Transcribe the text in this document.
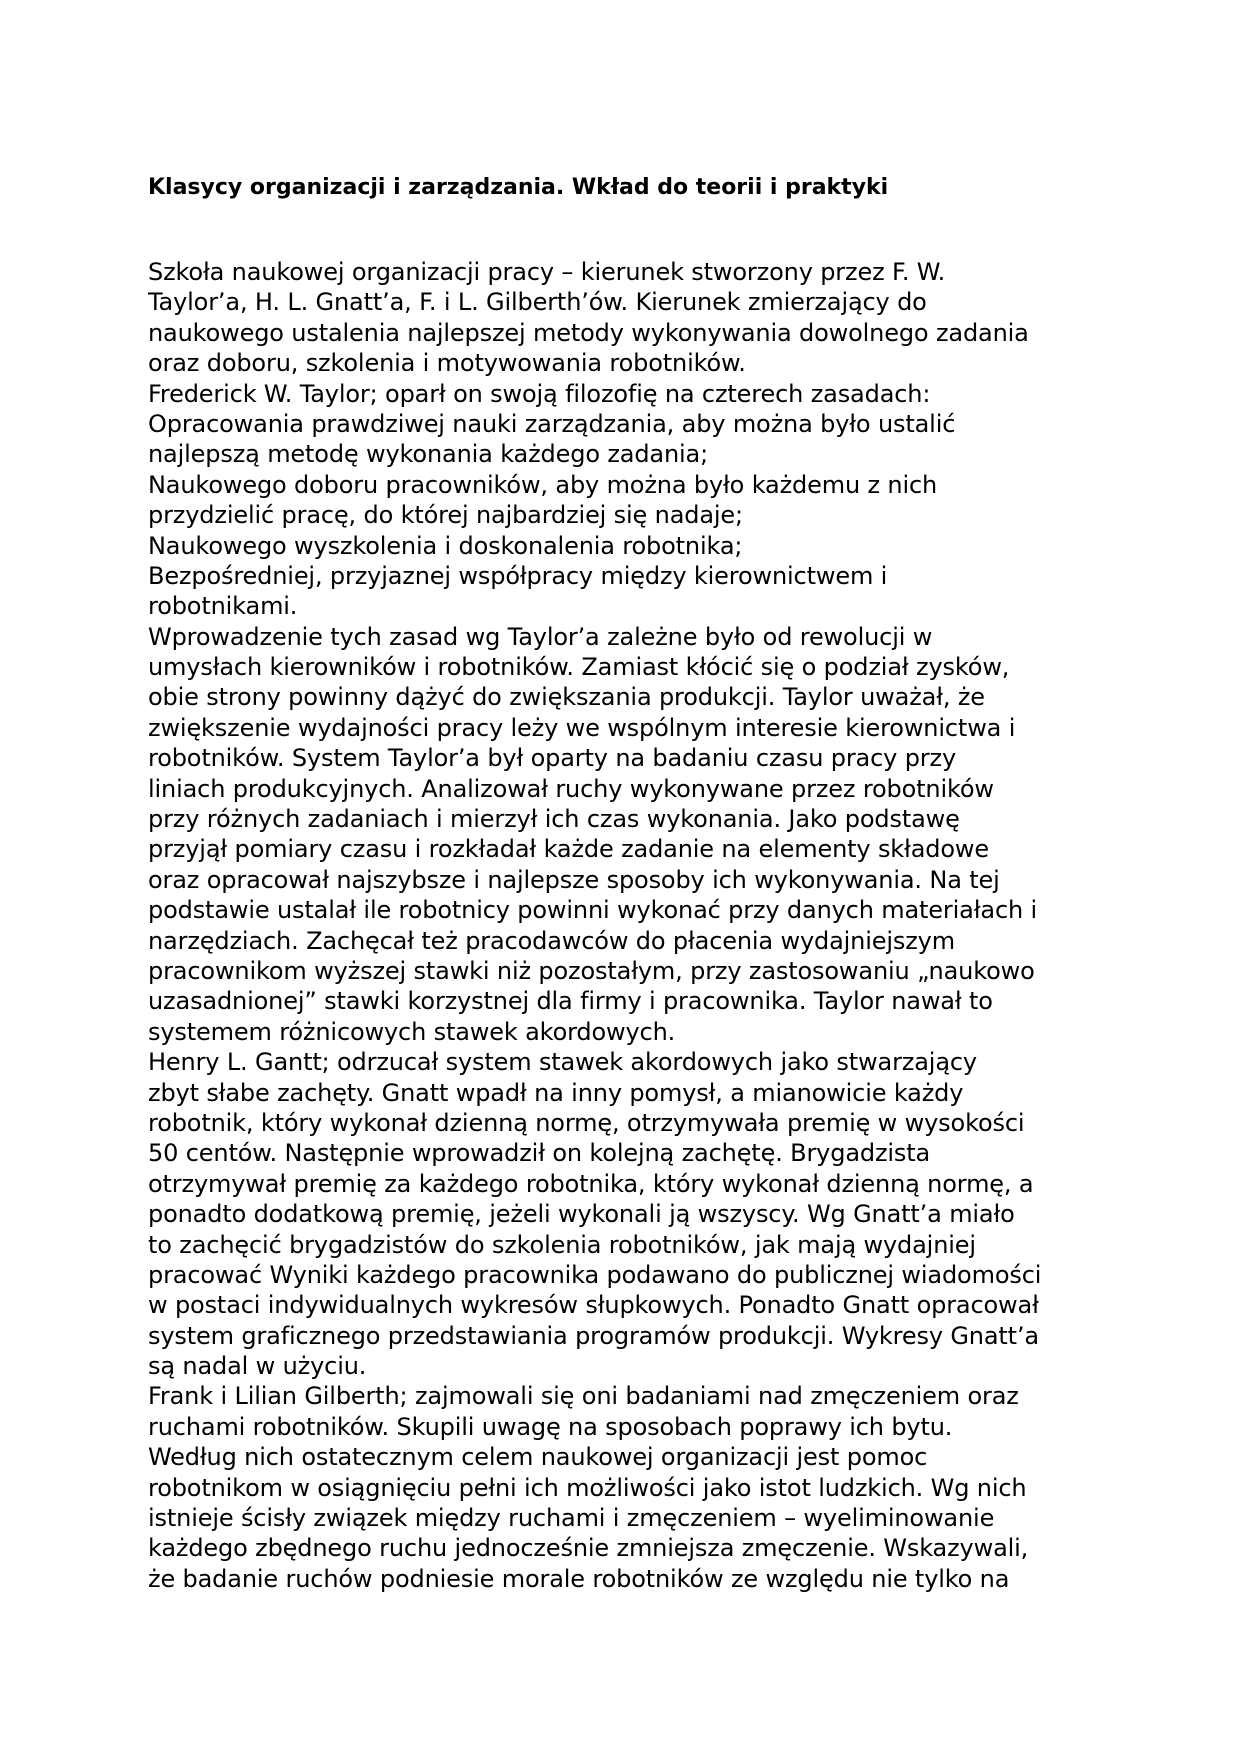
Klasycy organizacji i zarządzania. Wkład do teorii i praktyki
Szkoła naukowej organizacji pracy – kierunek stworzony przez F. W.
Taylor’a, H. L. Gnatt’a, F. i L. Gilberth’ów. Kierunek zmierzający do
naukowego ustalenia najlepszej metody wykonywania dowolnego zadania
oraz doboru, szkolenia i motywowania robotników.
Frederick W. Taylor; oparł on swoją filozofię na czterech zasadach:
Opracowania prawdziwej nauki zarządzania, aby można było ustalić
najlepszą metodę wykonania każdego zadania;
Naukowego doboru pracowników, aby można było każdemu z nich
przydzielić pracę, do której najbardziej się nadaje;
Naukowego wyszkolenia i doskonalenia robotnika;
Bezpośredniej, przyjaznej współpracy między kierownictwem i
robotnikami.
Wprowadzenie tych zasad wg Taylor’a zależne było od rewolucji w
umysłach kierowników i robotników. Zamiast kłócić się o podział zysków,
obie strony powinny dążyć do zwiększania produkcji. Taylor uważał, że
zwiększenie wydajności pracy leży we wspólnym interesie kierownictwa i
robotników. System Taylor’a był oparty na badaniu czasu pracy przy
liniach produkcyjnych. Analizował ruchy wykonywane przez robotników
przy różnych zadaniach i mierzył ich czas wykonania. Jako podstawę
przyjął pomiary czasu i rozkładał każde zadanie na elementy składowe
oraz opracował najszybsze i najlepsze sposoby ich wykonywania. Na tej
podstawie ustalał ile robotnicy powinni wykonać przy danych materiałach i
narzędziach. Zachęcał też pracodawców do płacenia wydajniejszym
pracownikom wyższej stawki niż pozostałym, przy zastosowaniu „naukowo
uzasadnionej” stawki korzystnej dla firmy i pracownika. Taylor nawał to
systemem różnicowych stawek akordowych.
Henry L. Gantt; odrzucał system stawek akordowych jako stwarzający
zbyt słabe zachęty. Gnatt wpadł na inny pomysł, a mianowicie każdy
robotnik, który wykonał dzienną normę, otrzymywała premię w wysokości
50 centów. Następnie wprowadził on kolejną zachętę. Brygadzista
otrzymywał premię za każdego robotnika, który wykonał dzienną normę, a
ponadto dodatkową premię, jeżeli wykonali ją wszyscy. Wg Gnatt’a miało
to zachęcić brygadzistów do szkolenia robotników, jak mają wydajniej
pracować Wyniki każdego pracownika podawano do publicznej wiadomości
w postaci indywidualnych wykresów słupkowych. Ponadto Gnatt opracował
system graficznego przedstawiania programów produkcji. Wykresy Gnatt’a
są nadal w użyciu.
Frank i Lilian Gilberth; zajmowali się oni badaniami nad zmęczeniem oraz
ruchami robotników. Skupili uwagę na sposobach poprawy ich bytu.
Według nich ostatecznym celem naukowej organizacji jest pomoc
robotnikom w osiągnięciu pełni ich możliwości jako istot ludzkich. Wg nich
istnieje ścisły związek między ruchami i zmęczeniem – wyeliminowanie
każdego zbędnego ruchu jednocześnie zmniejsza zmęczenie. Wskazywali,
że badanie ruchów podniesie morale robotników ze względu nie tylko na
